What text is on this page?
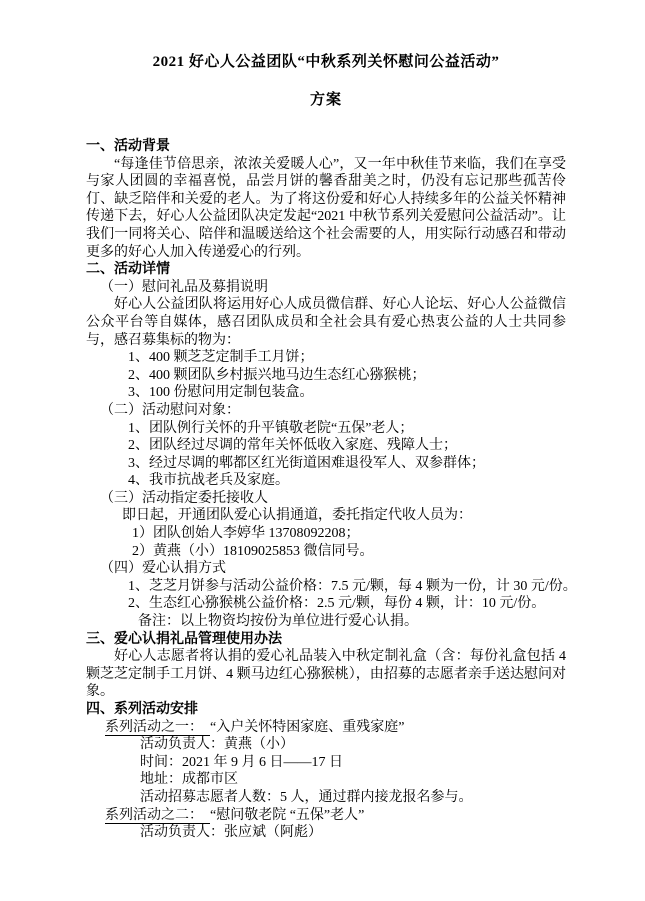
2021 好心人公益团队“中秋系列关怀慰问公益活动”
方案
一、活动背景

“每逢佳节倍思亲，浓浓关爱暖人心”，又一年中秋佳节来临，我们在享受与家人团圆的幸福喜悦，品尝月饼的馨香甜美之时，仍没有忘记那些孤苦伶仃、缺乏陪伴和关爱的老人。为了将这份爱和好心人持续多年的公益关怀精神传递下去，好心人公益团队决定发起“2021 中秋节系列关爱慰问公益活动”。让我们一同将关心、陪伴和温暖送给这个社会需要的人，用实际行动感召和带动更多的好心人加入传递爱心的行列。

二、活动详情
（一）慰问礼品及募捐说明

好心人公益团队将运用好心人成员微信群、好心人论坛、好心人公益微信公众平台等自媒体，感召团队成员和全社会具有爱心热衷公益的人士共同参与，感召募集标的物为：

1、400 颗芝芝定制手工月饼；
2、400 颗团队乡村振兴地马边生态红心猕猴桃；
3、100 份慰问用定制包装盒。
（二）活动慰问对象：
1、团队例行关怀的升平镇敬老院“五保”老人；
2、团队经过尽调的常年关怀低收入家庭、残障人士；
3、经过尽调的郫都区红光街道困难退役军人、双参群体；
4、我市抗战老兵及家庭。
（三）活动指定委托接收人
即日起，开通团队爱心认捐通道，委托指定代收人员为：
1）团队创始人李婷华 13708092208；
2）黄燕（小）18109025853 微信同号。
（四）爱心认捐方式
1、芝芝月饼参与活动公益价格：7.5 元/颗，每 4 颗为一份，计 30 元/份。
2、生态红心猕猴桃公益价格：2.5 元/颗，每份 4 颗，计：10 元/份。
备注：以上物资均按份为单位进行爱心认捐。
三、爱心认捐礼品管理使用办法

好心人志愿者将认捐的爱心礼品装入中秋定制礼盒（含：每份礼盒包括 4 颗芝芝定制手工月饼、4 颗马边红心猕猴桃），由招募的志愿者亲手送达慰问对象。

四、系列活动安排
系列活动之一： “入户关怀特困家庭、重残家庭”
活动负责人：黄燕（小）
时间：2021 年 9 月 6 日——17 日
地址：成都市区
活动招募志愿者人数：5 人，通过群内接龙报名参与。
系列活动之二： “慰问敬老院 “五保”老人”
活动负责人：张应斌（阿彪）
